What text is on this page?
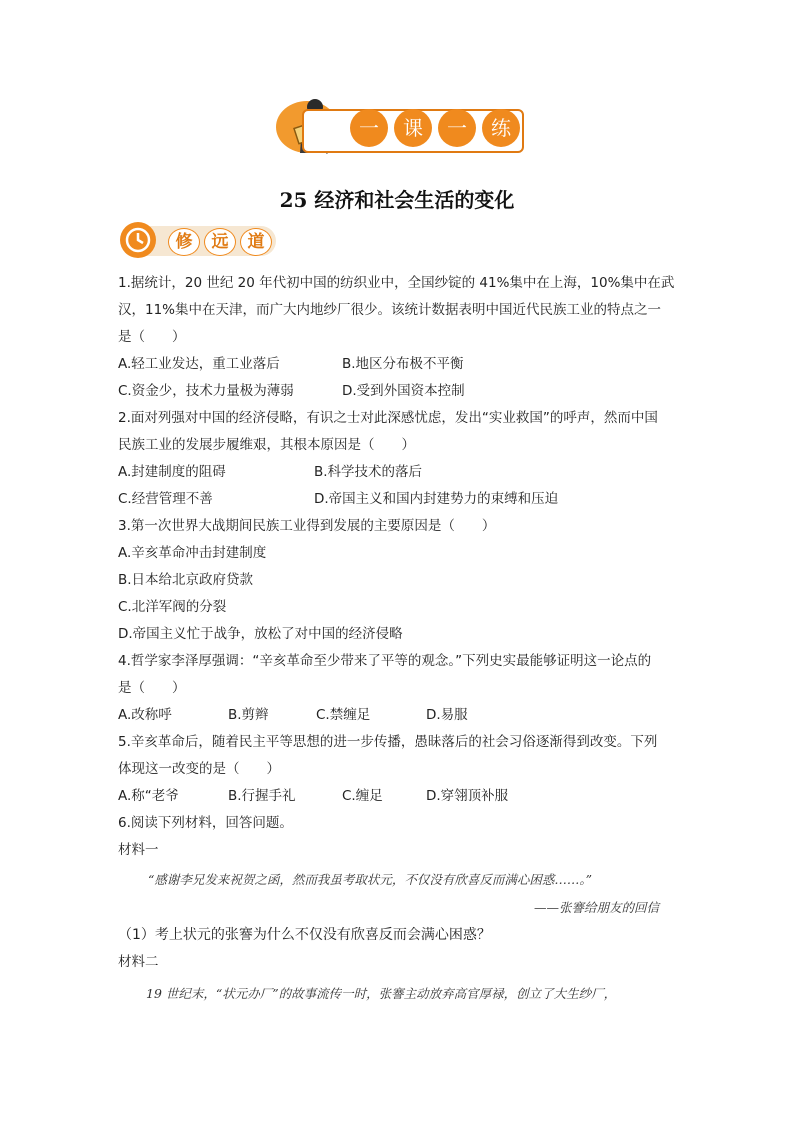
一	课	一	练
25 经济和社会生活的变化
修	远	道
1.据统计，20 世纪 20 年代初中国的纺织业中，全国纱锭的 41%集中在上海，10%集中在武
汉，11%集中在天津，而广大内地纱厂很少。该统计数据表明中国近代民族工业的特点之一
是（　　）
A.轻工业发达，重工业落后	B.地区分布极不平衡
C.资金少，技术力量极为薄弱	D.受到外国资本控制
2.面对列强对中国的经济侵略，有识之士对此深感忧虑，发出“实业救国”的呼声，然而中国
民族工业的发展步履维艰，其根本原因是（　　）
A.封建制度的阻碍	B.科学技术的落后
C.经营管理不善	D.帝国主义和国内封建势力的束缚和压迫
3.第一次世界大战期间民族工业得到发展的主要原因是（　　）
A.辛亥革命冲击封建制度
B.日本给北京政府贷款
C.北洋军阀的分裂
D.帝国主义忙于战争，放松了对中国的经济侵略
4.哲学家李泽厚强调：“辛亥革命至少带来了平等的观念。”下列史实最能够证明这一论点的
是（　　）
A.改称呼	B.剪辫	C.禁缠足	D.易服
5.辛亥革命后，随着民主平等思想的进一步传播，愚昧落后的社会习俗逐渐得到改变。下列
体现这一改变的是（　　）
A.称“老爷	B.行握手礼	C.缠足	D.穿翎顶补服
6.阅读下列材料，回答问题。
材料一
“感谢李兄发来祝贺之函，然而我虽考取状元，不仅没有欣喜反而满心困惑……。”
——张謇给朋友的回信
（1）考上状元的张謇为什么不仅没有欣喜反而会满心困惑？
材料二
19 世纪末，“状元办厂”的故事流传一时，张謇主动放弃高官厚禄，创立了大生纱厂，
